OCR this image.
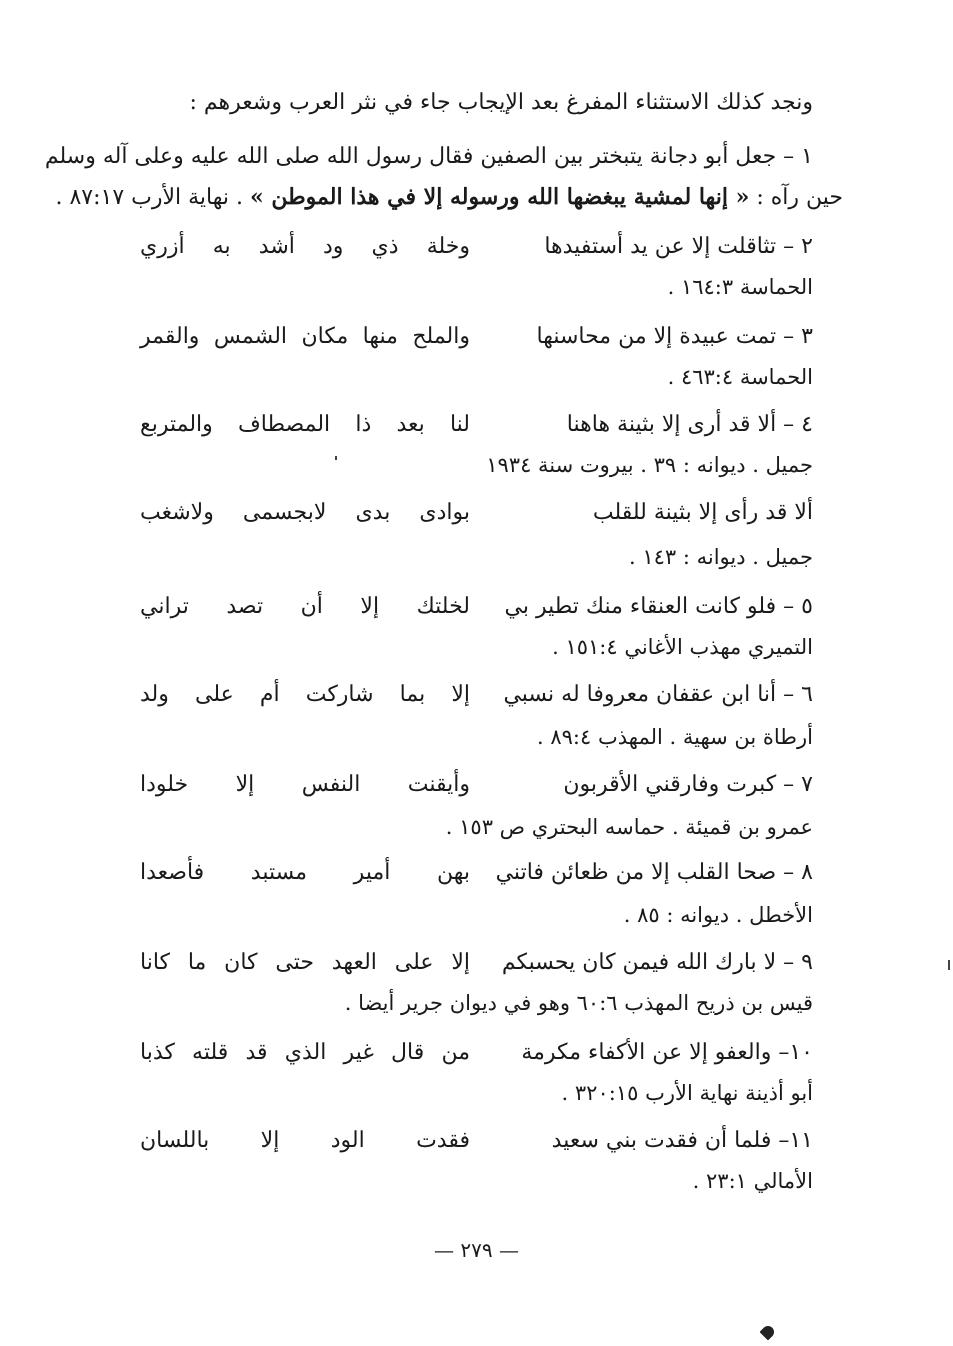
ونجد كذلك الاستثناء المفرغ بعد الإيجاب جاء في نثر العرب وشعرهم :
١ – جعل أبو دجانة يتبختر بين الصفين فقال رسول الله صلى الله عليه وعلى آله وسلم
حين رآه : « إنها لمشية يبغضها الله ورسوله إلا في هذا الموطن » . نهاية الأرب ٨٧:١٧ .
٢ – تثاقلت إلا عن يد أستفيدها
وخلة ذي ود أشد به أزري
الحماسة ١٦٤:٣ .
٣ – تمت عبيدة إلا من محاسنها
والملح منها مكان الشمس والقمر
الحماسة ٤٦٣:٤ .
٤ – ألا قد أرى إلا بثينة هاهنا
لنا بعد ذا المصطاف والمتربع
جميل . ديوانه : ٣٩ . بيروت سنة ١٩٣٤
ألا قد رأى إلا بثينة للقلب
بوادى بدى لابجسمى ولاشغب
جميل . ديوانه : ١٤٣ .
٥ – فلو كانت العنقاء منك تطير بي
لخلتك إلا أن تصد تراني
التميري مهذب الأغاني ١٥١:٤ .
٦ – أنا ابن عقفان معروفا له نسبي
إلا بما شاركت أم على ولد
أرطاة بن سهية . المهذب ٨٩:٤ .
٧ – كبرت وفارقني الأقربون
وأيقنت النفس إلا خلودا
عمرو بن قميئة . حماسه البحتري ص ١٥٣ .
٨ – صحا القلب إلا من ظعائن فاتني
بهن أمير مستبد فأصعدا
الأخطل . ديوانه : ٨٥ .
٩ – لا بارك الله فيمن كان يحسبكم
إلا على العهد حتى كان ما كانا
قيس بن ذريح المهذب ٦٠:٦ وهو في ديوان جرير أيضا .
١٠– والعفو إلا عن الأكفاء مكرمة
من قال غير الذي قد قلته كذبا
أبو أذينة نهاية الأرب ٣٢٠:١٥ .
١١– فلما أن فقدت بني سعيد
فقدت الود إلا باللسان
الأمالي ٢٣:١ .
— ٢٧٩ —
